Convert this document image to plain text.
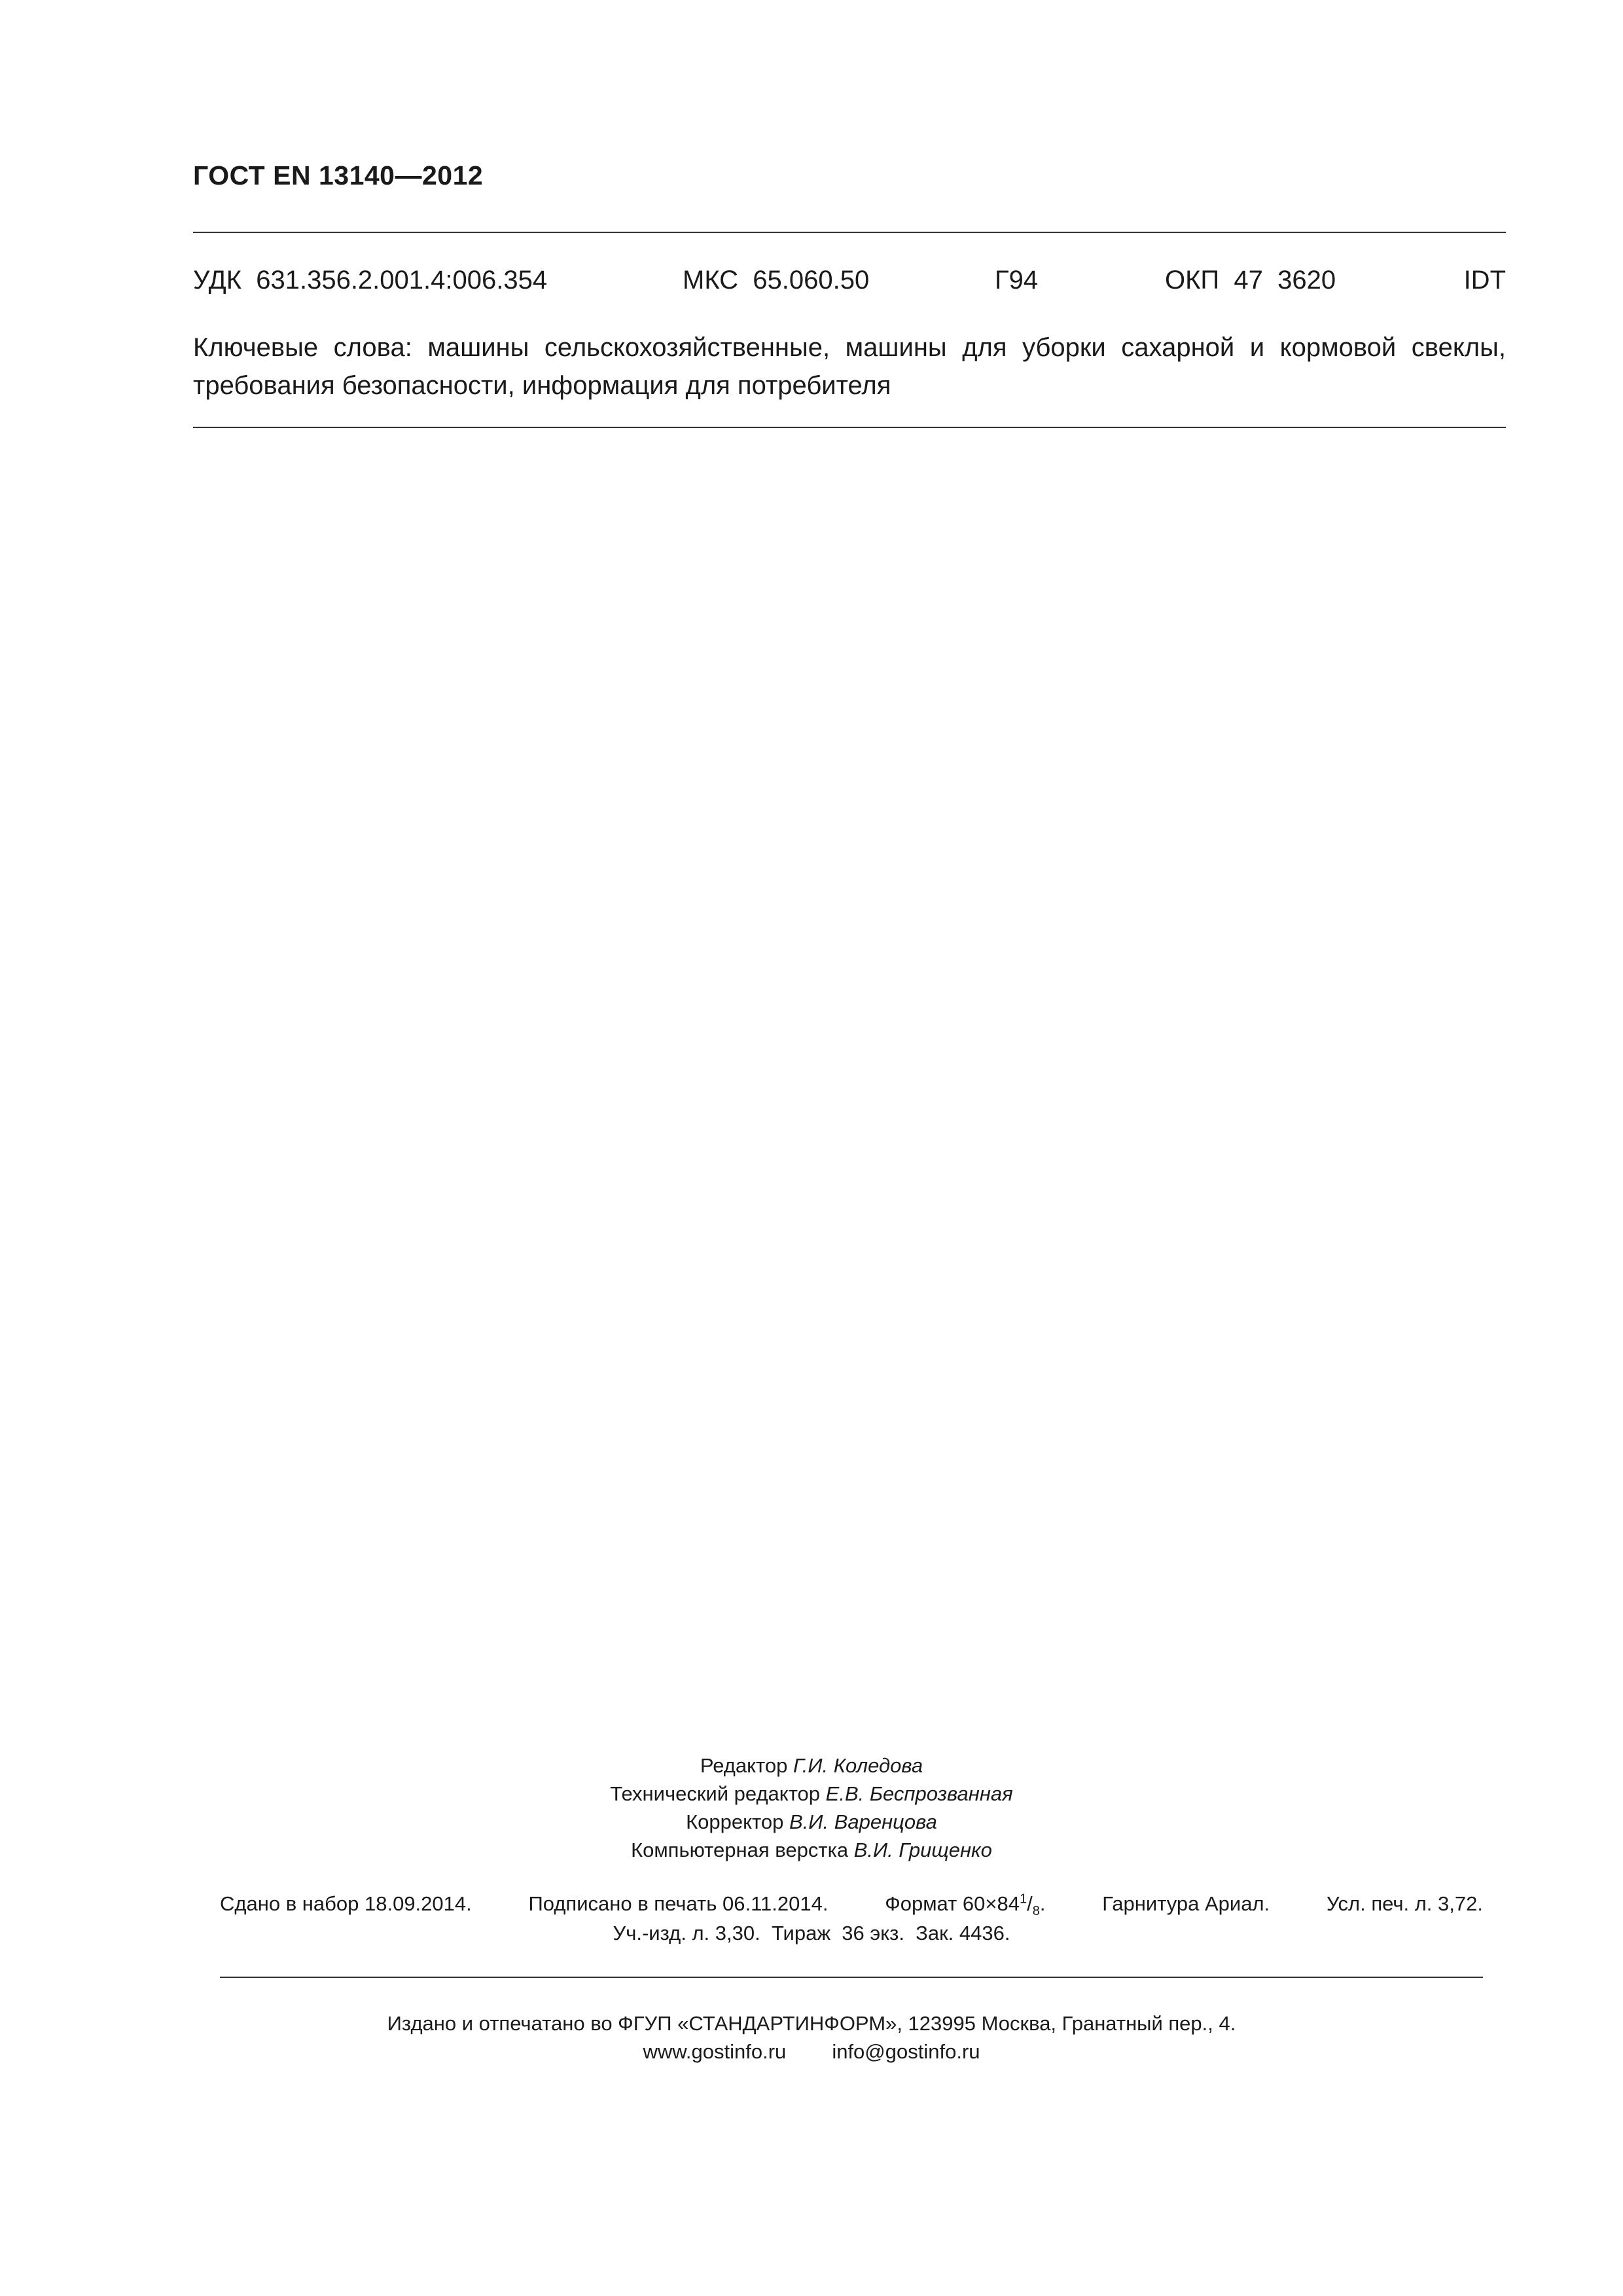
ГОСТ EN 13140—2012
УДК  631.356.2.001.4:006.354	МКС  65.060.50	Г94	ОКП  47  3620	IDT
Ключевые слова: машины сельскохозяйственные, машины для уборки сахарной и кормовой свеклы, требования безопасности, информация для потребителя
Редактор Г.И. Коледова
Технический редактор Е.В. Беспрозванная
Корректор В.И. Варенцова
Компьютерная верстка В.И. Грищенко
Сдано в набор 18.09.2014.	Подписано в печать 06.11.2014.	Формат $60\times 84^1/_8$.	Гарнитура Ариал.	Усл. печ. л. 3,72.
Уч.-изд. л. 3,30.  Тираж  36 экз.  Зак. 4436.
Издано и отпечатано во ФГУП «СТАНДАРТИНФОРМ», 123995 Москва, Гранатный пер., 4.
www.gostinfo.ru info@gostinfo.ru
